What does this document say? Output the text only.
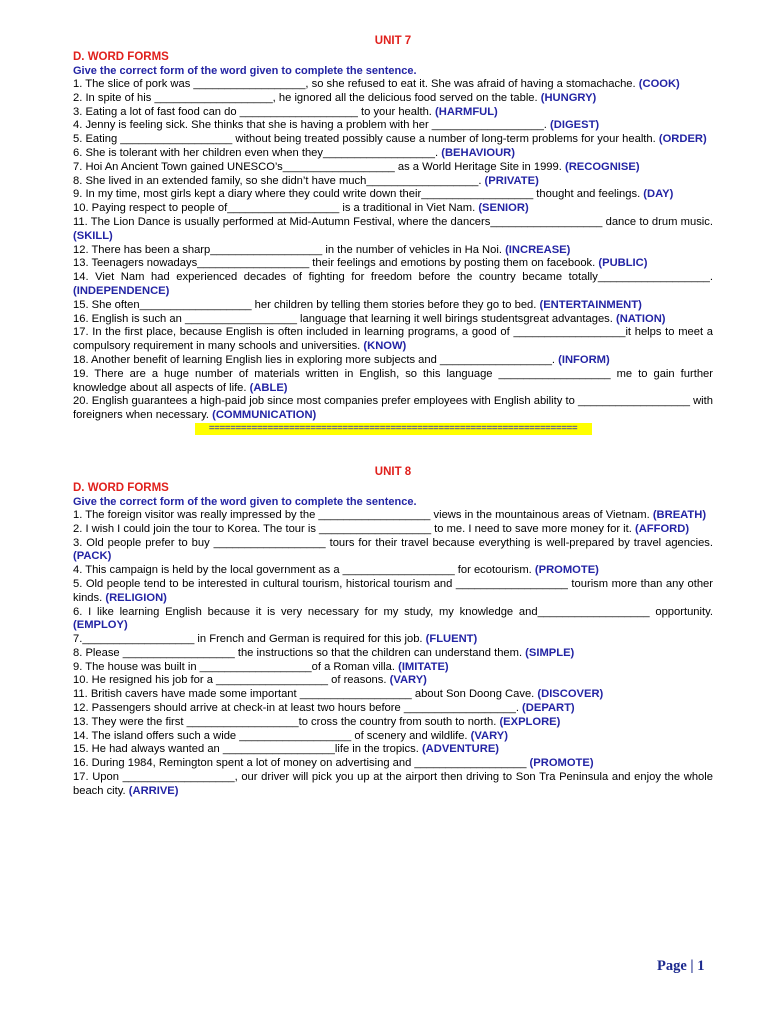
UNIT 7
D. WORD FORMS
Give the correct form of the word given to complete the sentence.
1. The slice of pork was __________________, so she refused to eat it. She was afraid of having a stomachache. (COOK)
2. In spite of his ___________________, he ignored all the delicious food served on the table. (HUNGRY)
3. Eating a lot of fast food can do ___________________ to your health. (HARMFUL)
4. Jenny is feeling sick. She thinks that she is having a problem with her __________________. (DIGEST)
5. Eating __________________ without being treated possibly cause a number of long-term problems for your health. (ORDER)
6. She is tolerant with her children even when they__________________. (BEHAVIOUR)
7. Hoi An Ancient Town gained UNESCO’s__________________ as a World Heritage Site in 1999. (RECOGNISE)
8. She lived in an extended family, so she didn’t have much__________________. (PRIVATE)
9. In my time, most girls kept a diary where they could write down their__________________ thought and feelings. (DAY)
10. Paying respect to people of__________________ is a traditional in Viet Nam. (SENIOR)
11. The Lion Dance is usually performed at Mid-Autumn Festival, where the dancers__________________ dance to drum music. (SKILL)
12. There has been a sharp__________________ in the number of vehicles in Ha Noi. (INCREASE)
13. Teenagers nowadays__________________ their feelings and emotions by posting them on facebook. (PUBLIC)
14. Viet Nam had experienced decades of fighting for freedom before the country became totally__________________. (INDEPENDENCE)
15. She often__________________ her children by telling them stories before they go to bed. (ENTERTAINMENT)
16. English is such an __________________ language that learning it well birings studentsgreat advantages. (NATION)
17. In the first place, because English is often included in learning programs, a good of __________________it helps to meet a compulsory requirement in many schools and universities. (KNOW)
18. Another benefit of learning English lies in exploring more subjects and __________________. (INFORM)
19. There are a huge number of materials written in English, so this language __________________ me to gain further knowledge about all aspects of life. (ABLE)
20. English guarantees a high-paid job since most companies prefer employees with English ability to __________________ with foreigners when necessary. (COMMUNICATION)
=====================================================================
UNIT 8
D. WORD FORMS
Give the correct form of the word given to complete the sentence.
1. The foreign visitor was really impressed by the __________________ views in the mountainous areas of Vietnam. (BREATH)
2. I wish I could join the tour to Korea. The tour is __________________ to me. I need to save more money for it. (AFFORD)
3. Old people prefer to buy __________________ tours for their travel because everything is well-prepared by travel agencies. (PACK)
4. This campaign is held by the local government as a __________________ for ecotourism. (PROMOTE)
5. Old people tend to be interested in cultural tourism, historical tourism and __________________ tourism more than any other kinds. (RELIGION)
6. I like learning English because it is very necessary for my study, my knowledge and__________________ opportunity. (EMPLOY)
7.__________________ in French and German is required for this job. (FLUENT)
8. Please __________________ the instructions so that the children can understand them. (SIMPLE)
9. The house was built in __________________of a Roman villa. (IMITATE)
10. He resigned his job for a __________________ of reasons. (VARY)
11. British cavers have made some important __________________ about Son Doong Cave. (DISCOVER)
12. Passengers should arrive at check-in at least two hours before __________________. (DEPART)
13. They were the first __________________to cross the country from south to north. (EXPLORE)
14. The island offers such a wide __________________ of scenery and wildlife. (VARY)
15. He had always wanted an __________________life in the tropics. (ADVENTURE)
16. During 1984, Remington spent a lot of money on advertising and __________________ (PROMOTE)
17. Upon __________________, our driver will pick you up at the airport then driving to Son Tra Peninsula and enjoy the whole beach city. (ARRIVE)
Page | 1
